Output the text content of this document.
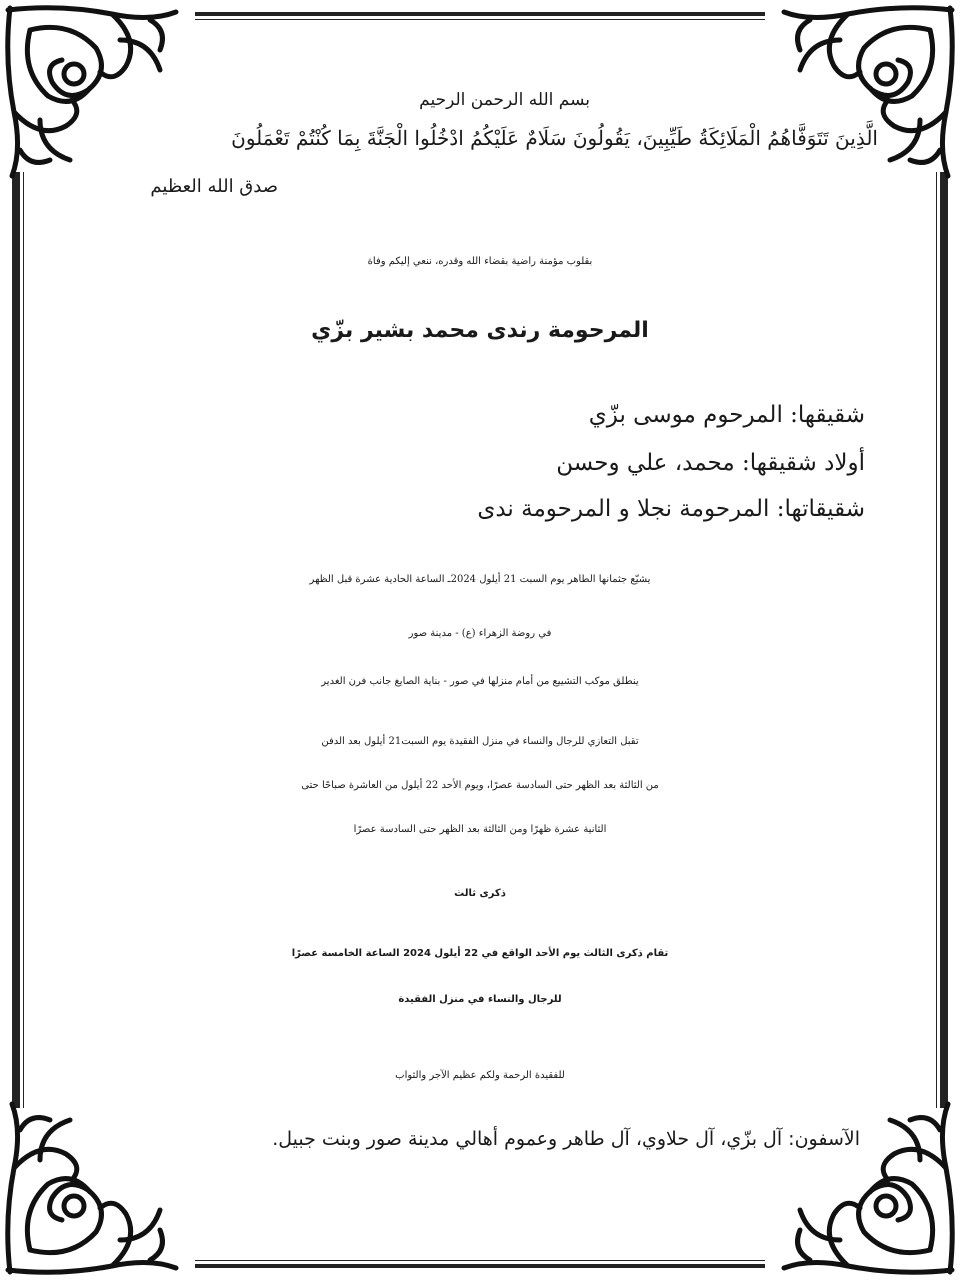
بسم الله الرحمن الرحيم
الَّذِينَ تَتَوَفَّاهُمُ الْمَلَائِكَةُ طَيِّبِينَ، يَقُولُونَ سَلَامٌ عَلَيْكُمُ ادْخُلُوا الْجَنَّةَ بِمَا كُنْتُمْ تَعْمَلُونَ
صدق الله العظيم
بقلوب مؤمنة راضية بقضاء الله وقدره، ننعي إليكم وفاة
المرحومة رندى محمد بشير بزّي
شقيقها: المرحوم موسى بزّي
أولاد شقيقها: محمد، علي وحسن
شقيقاتها: المرحومة نجلا و المرحومة ندى
يشيّع جثمانها الطاهر يوم السبت 21 أيلول 2024ـ الساعة الحادية عشرة قبل الظهر
في روضة الزهراء (ع) - مدينة صور
ينطلق موكب التشييع من أمام منزلها في صور - بناية الصايغ جانب فرن الغدير
تقبل التعازي للرجال والنساء في منزل الفقيدة يوم السبت21 أيلول بعد الدفن
من الثالثة بعد الظهر حتى السادسة عصرًا، ويوم الأحد 22 أيلول من العاشرة صباحًا حتى
الثانية عشرة ظهرًا ومن الثالثة بعد الظهر حتى السادسة عصرًا
ذكرى ثالث
تقام ذكرى الثالث يوم الأحد الواقع في 22 أيلول 2024 الساعة الخامسة عصرًا
للرجال والنساء في منزل الفقيدة
للفقيدة الرحمة ولكم عظيم الآجر والثواب
الآسفون: آل بزّي، آل حلاوي، آل طاهر وعموم أهالي مدينة صور وبنت جبيل.
